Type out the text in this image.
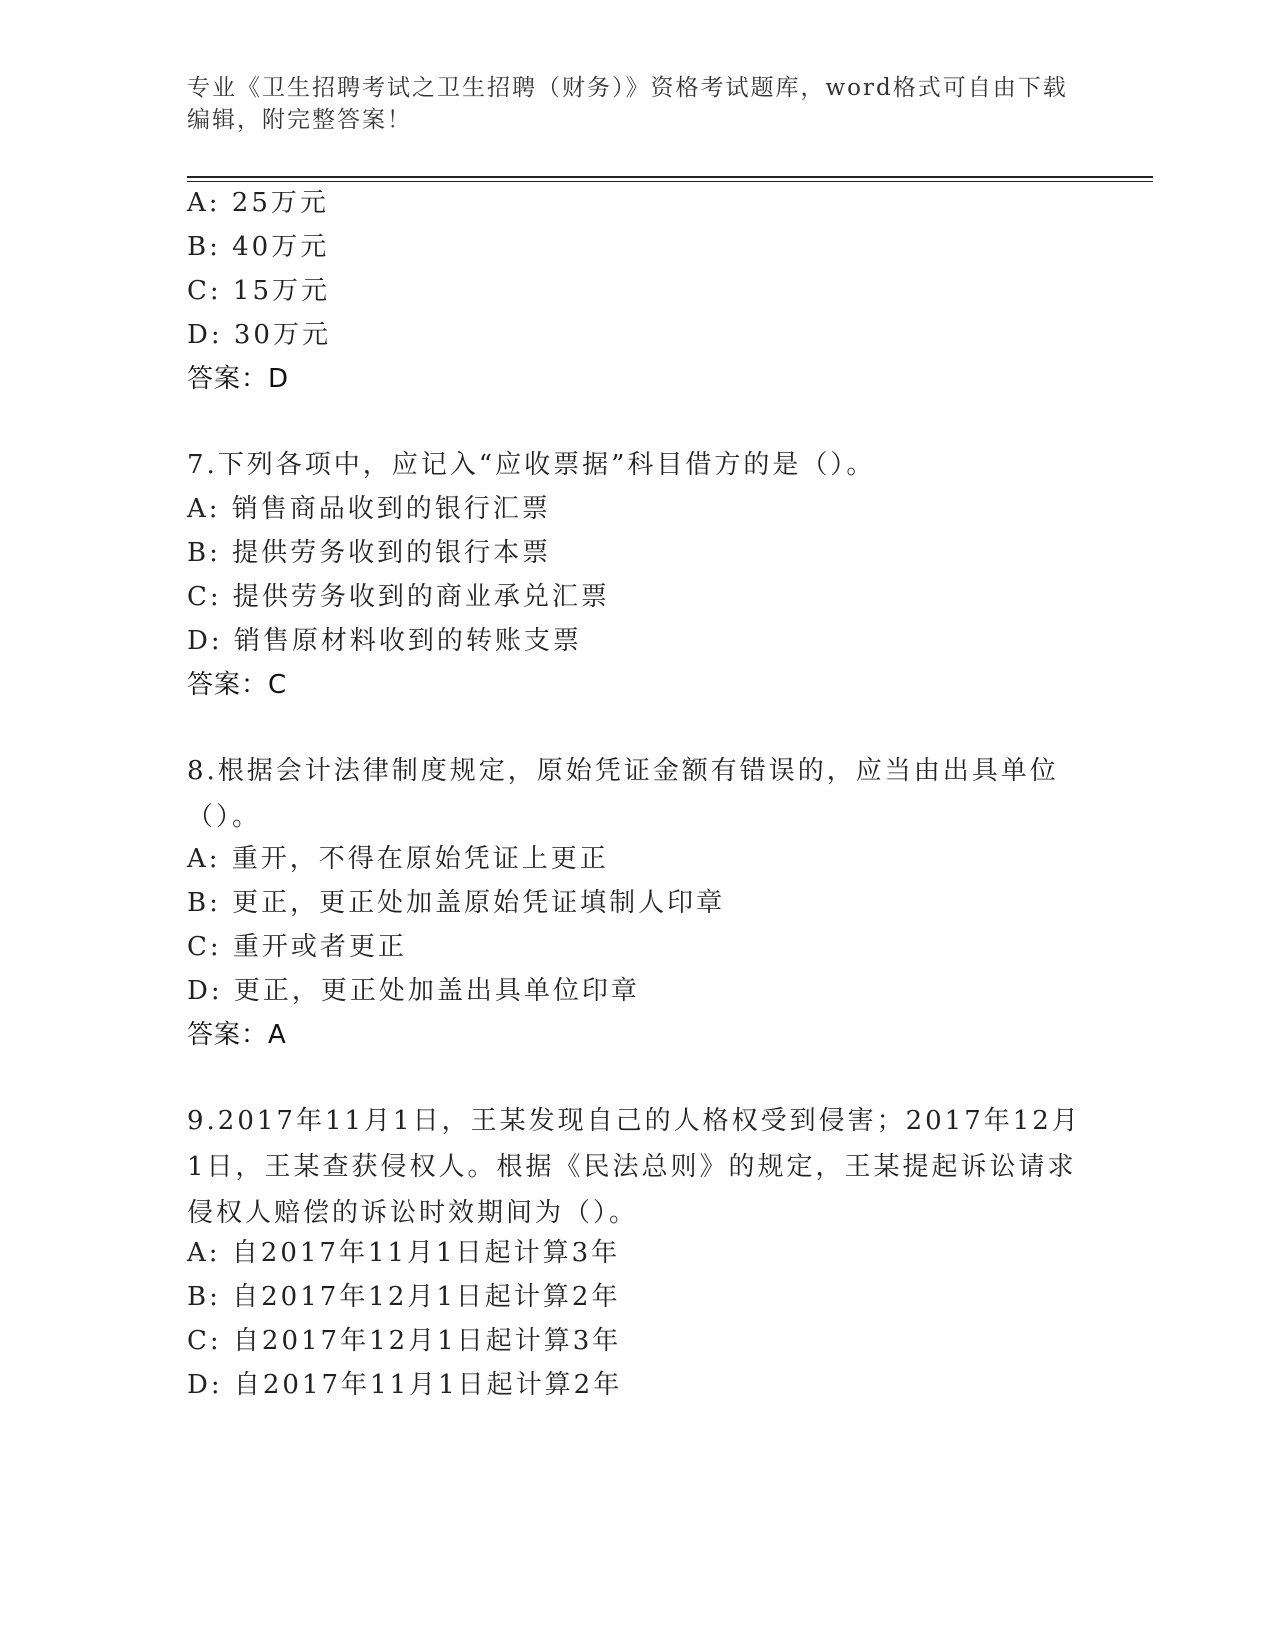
专业《卫生招聘考试之卫生招聘（财务）》资格考试题库，word格式可自由下载
编辑，附完整答案！
A: 25万元
B: 40万元
C: 15万元
D: 30万元
答案：D
7.下列各项中，应记入“应收票据”科目借方的是（）。
A: 销售商品收到的银行汇票
B: 提供劳务收到的银行本票
C: 提供劳务收到的商业承兑汇票
D: 销售原材料收到的转账支票
答案：C
8.根据会计法律制度规定，原始凭证金额有错误的，应当由出具单位
（）。
A: 重开，不得在原始凭证上更正
B: 更正，更正处加盖原始凭证填制人印章
C: 重开或者更正
D: 更正，更正处加盖出具单位印章
答案：A
9.2017年11月1日，王某发现自己的人格权受到侵害；2017年12月
1日，王某查获侵权人。根据《民法总则》的规定，王某提起诉讼请求
侵权人赔偿的诉讼时效期间为（）。
A: 自2017年11月1日起计算3年
B: 自2017年12月1日起计算2年
C: 自2017年12月1日起计算3年
D: 自2017年11月1日起计算2年
